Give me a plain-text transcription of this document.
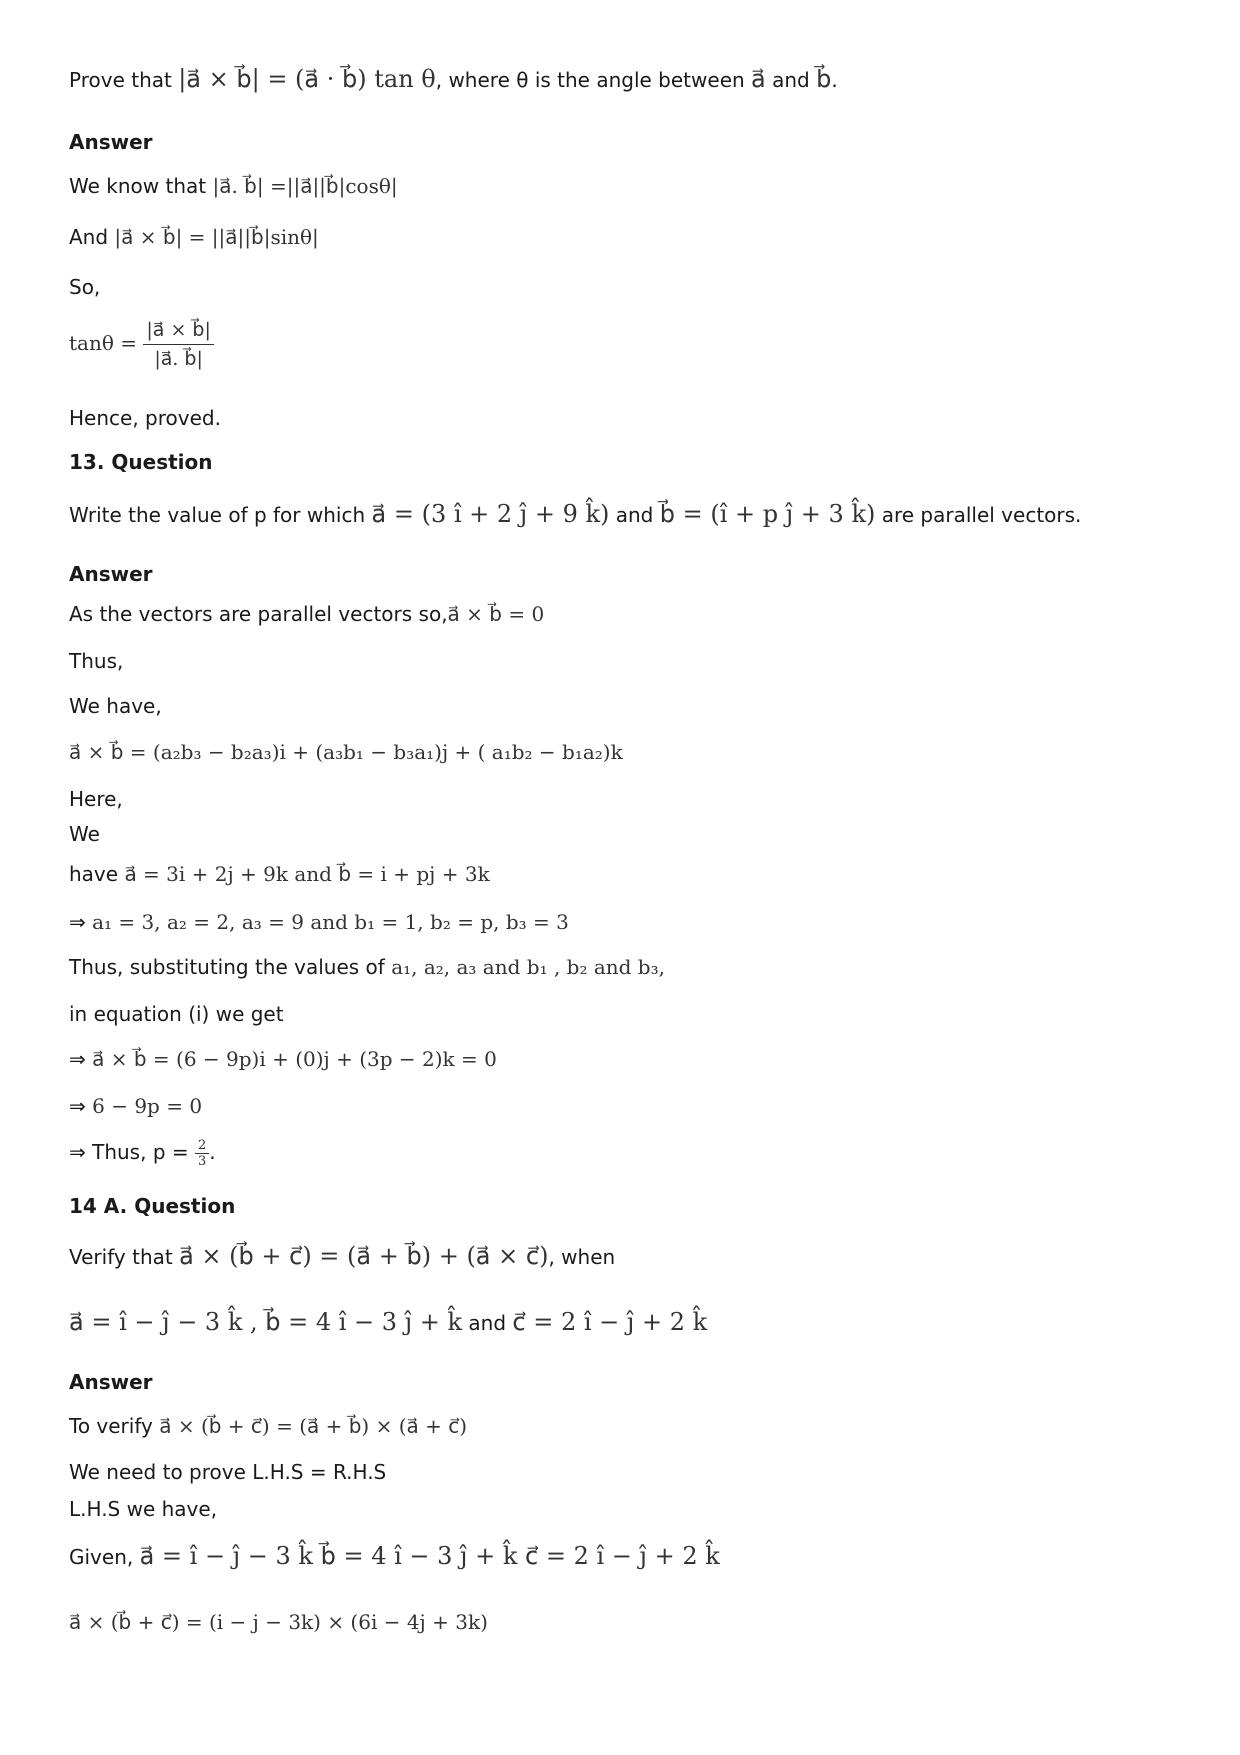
Prove that |a⃗ × b⃗| = (a⃗ · b⃗) tan θ, where θ is the angle between a⃗ and b⃗.
Answer
We know that |a⃗. b⃗| =||a⃗||b⃗|cosθ|
And |a⃗ × b⃗| = ||a⃗||b⃗|sinθ|
So,
$\tan\theta = \frac{|a⃗ \times b⃗|}{|a⃗. b⃗|}$
Hence, proved.
13. Question
Write the value of p for which a⃗ = (3 î + 2 ĵ + 9 k̂) and b⃗ = (î + p ĵ + 3 k̂) are parallel vectors.
Answer
As the vectors are parallel vectors so,a⃗ × b⃗ = 0
Thus,
We have,
a⃗ × b⃗ = (a₂b₃ − b₂a₃)i + (a₃b₁ − b₃a₁)j + ( a₁b₂ − b₁a₂)k
Here,
We
have a⃗ = 3i + 2j + 9k and b⃗ = i + pj + 3k
⇒ a₁ = 3, a₂ = 2, a₃ = 9 and b₁ = 1, b₂ = p, b₃ = 3
Thus, substituting the values of a₁, a₂, a₃ and b₁ , b₂ and b₃,
in equation (i) we get
⇒ a⃗ × b⃗ = (6 − 9p)i + (0)j + (3p − 2)k = 0
⇒ 6 − 9p = 0
⇒ Thus, $p = \frac{2}{3}$ .
14 A. Question
Verify that a⃗ × (b⃗ + c⃗) = (a⃗ + b⃗) + (a⃗ × c⃗), when
a⃗ = î − ĵ − 3 k̂ , b⃗ = 4 î − 3 ĵ + k̂ and c⃗ = 2 î − ĵ + 2 k̂
Answer
To verify a⃗ × (b⃗ + c⃗) = (a⃗ + b⃗) × (a⃗ + c⃗)
We need to prove L.H.S = R.H.S
L.H.S we have,
Given, a⃗ = î − ĵ − 3 k̂ b⃗ = 4 î − 3 ĵ + k̂ c⃗ = 2 î − ĵ + 2 k̂
a⃗ × (b⃗ + c⃗) = (i − j − 3k) × (6i − 4j + 3k)
